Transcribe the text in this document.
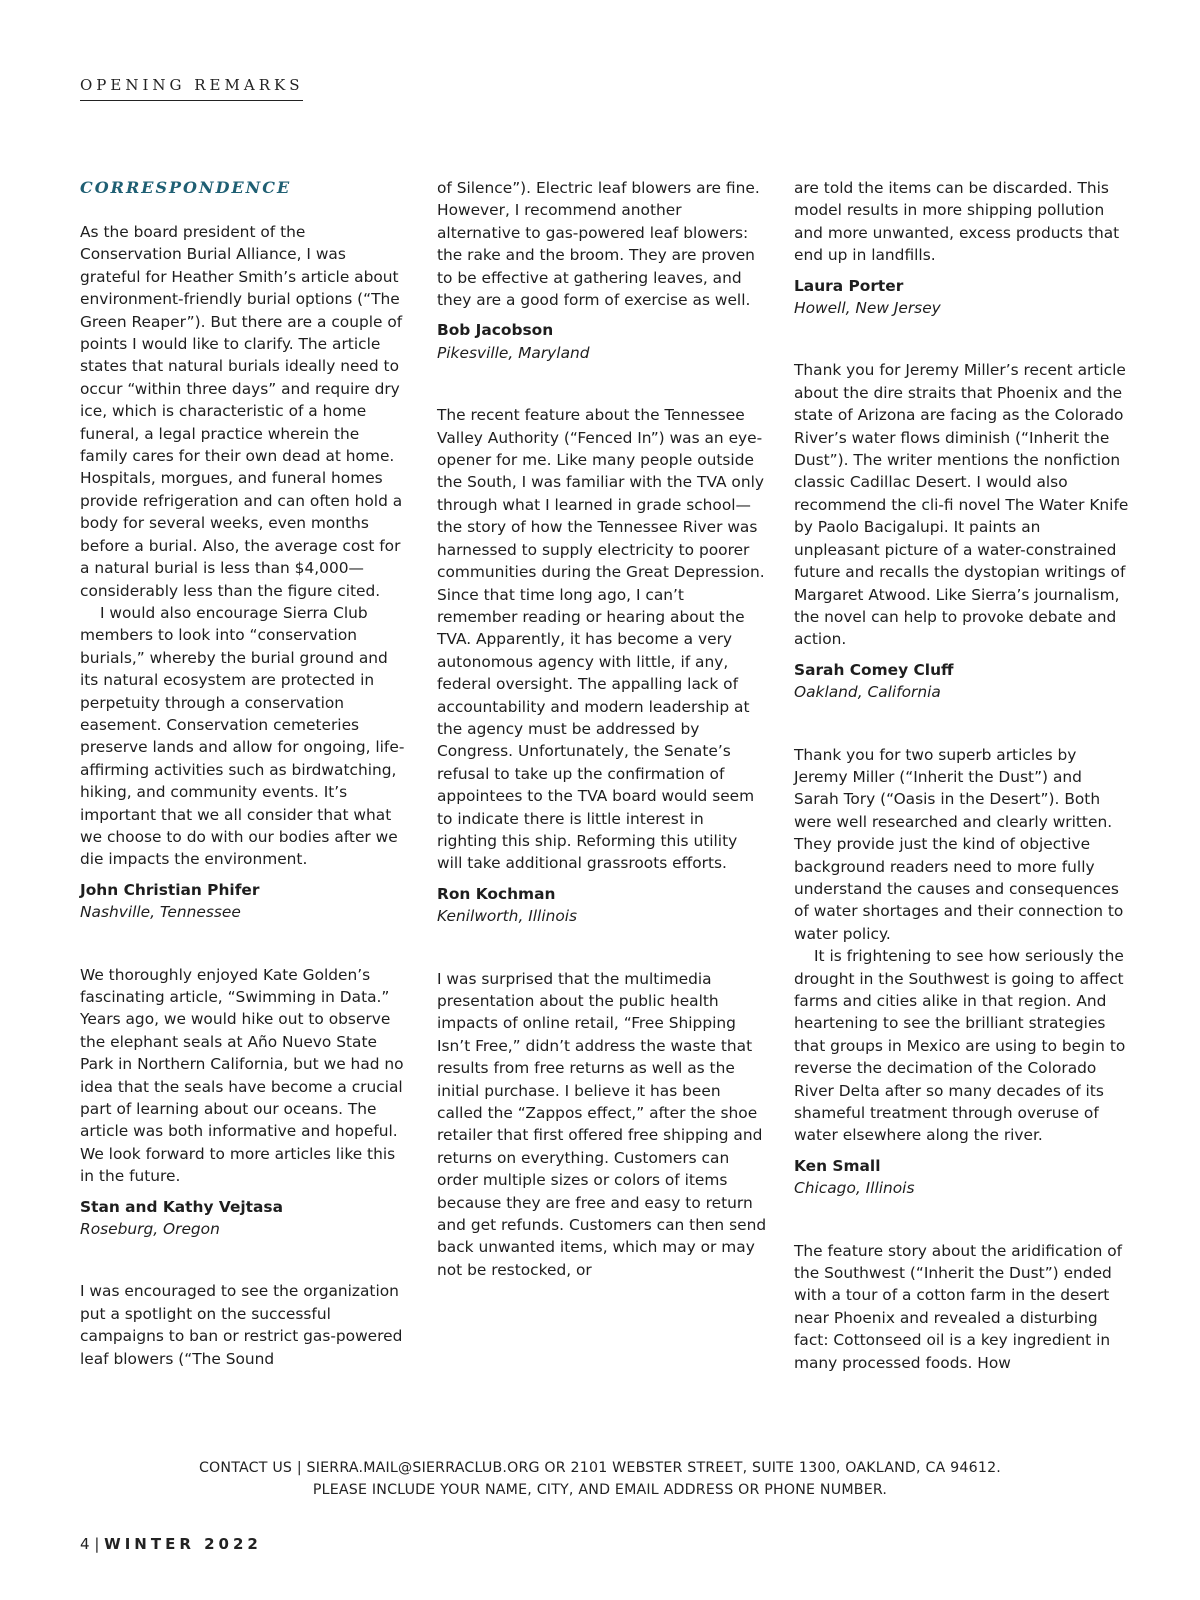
OPENING REMARKS
CORRESPONDENCE

As the board president of the Conservation Burial Alliance, I was grateful for Heather Smith’s article about environment-friendly burial options (“The Green Reaper”). But there are a couple of points I would like to clarify. The article states that natural burials ideally need to occur “within three days” and require dry ice, which is characteristic of a home funeral, a legal practice wherein the family cares for their own dead at home. Hospitals, morgues, and funeral homes provide refrigeration and can often hold a body for several weeks, even months before a burial. Also, the average cost for a natural burial is less than $4,000—considerably less than the figure cited.

I would also encourage Sierra Club members to look into “conservation burials,” whereby the burial ground and its natural ecosystem are protected in perpetuity through a conservation easement. Conservation cemeteries preserve lands and allow for ongoing, life-affirming activities such as birdwatching, hiking, and community events. It’s important that we all consider that what we choose to do with our bodies after we die impacts the environment.

John Christian Phifer
Nashville, Tennessee

We thoroughly enjoyed Kate Golden’s fascinating article, “Swimming in Data.” Years ago, we would hike out to observe the elephant seals at Año Nuevo State Park in Northern California, but we had no idea that the seals have become a crucial part of learning about our oceans. The article was both informative and hopeful. We look forward to more articles like this in the future.

Stan and Kathy Vejtasa
Roseburg, Oregon

I was encouraged to see the organization put a spotlight on the successful campaigns to ban or restrict gas-powered leaf blowers (“The Sound

of Silence”). Electric leaf blowers are fine. However, I recommend another alternative to gas-powered leaf blowers: the rake and the broom. They are proven to be effective at gathering leaves, and they are a good form of exercise as well.

Bob Jacobson
Pikesville, Maryland

The recent feature about the Tennessee Valley Authority (“Fenced In”) was an eye-opener for me. Like many people outside the South, I was familiar with the TVA only through what I learned in grade school—the story of how the Tennessee River was harnessed to supply electricity to poorer communities during the Great Depression. Since that time long ago, I can’t remember reading or hearing about the TVA. Apparently, it has become a very autonomous agency with little, if any, federal oversight. The appalling lack of accountability and modern leadership at the agency must be addressed by Congress. Unfortunately, the Senate’s refusal to take up the confirmation of appointees to the TVA board would seem to indicate there is little interest in righting this ship. Reforming this utility will take additional grassroots efforts.

Ron Kochman
Kenilworth, Illinois

I was surprised that the multimedia presentation about the public health impacts of online retail, “Free Shipping Isn’t Free,” didn’t address the waste that results from free returns as well as the initial purchase. I believe it has been called the “Zappos effect,” after the shoe retailer that first offered free shipping and returns on everything. Customers can order multiple sizes or colors of items because they are free and easy to return and get refunds. Customers can then send back unwanted items, which may or may not be restocked, or

are told the items can be discarded. This model results in more shipping pollution and more unwanted, excess products that end up in landfills.

Laura Porter
Howell, New Jersey

Thank you for Jeremy Miller’s recent article about the dire straits that Phoenix and the state of Arizona are facing as the Colorado River’s water flows diminish (“Inherit the Dust”). The writer mentions the nonfiction classic Cadillac Desert. I would also recommend the cli-fi novel The Water Knife by Paolo Bacigalupi. It paints an unpleasant picture of a water-constrained future and recalls the dystopian writings of Margaret Atwood. Like Sierra’s journalism, the novel can help to provoke debate and action.

Sarah Comey Cluff
Oakland, California

Thank you for two superb articles by Jeremy Miller (“Inherit the Dust”) and Sarah Tory (“Oasis in the Desert”). Both were well researched and clearly written. They provide just the kind of objective background readers need to more fully understand the causes and consequences of water shortages and their connection to water policy.

It is frightening to see how seriously the drought in the Southwest is going to affect farms and cities alike in that region. And heartening to see the brilliant strategies that groups in Mexico are using to begin to reverse the decimation of the Colorado River Delta after so many decades of its shameful treatment through overuse of water elsewhere along the river.

Ken Small
Chicago, Illinois

The feature story about the aridification of the Southwest (“Inherit the Dust”) ended with a tour of a cotton farm in the desert near Phoenix and revealed a disturbing fact: Cottonseed oil is a key ingredient in many processed foods. How

CONTACT US | SIERRA.MAIL@SIERRACLUB.ORG OR 2101 WEBSTER STREET, SUITE 1300, OAKLAND, CA 94612.
PLEASE INCLUDE YOUR NAME, CITY, AND EMAIL ADDRESS OR PHONE NUMBER.
4 | WINTER 2022
